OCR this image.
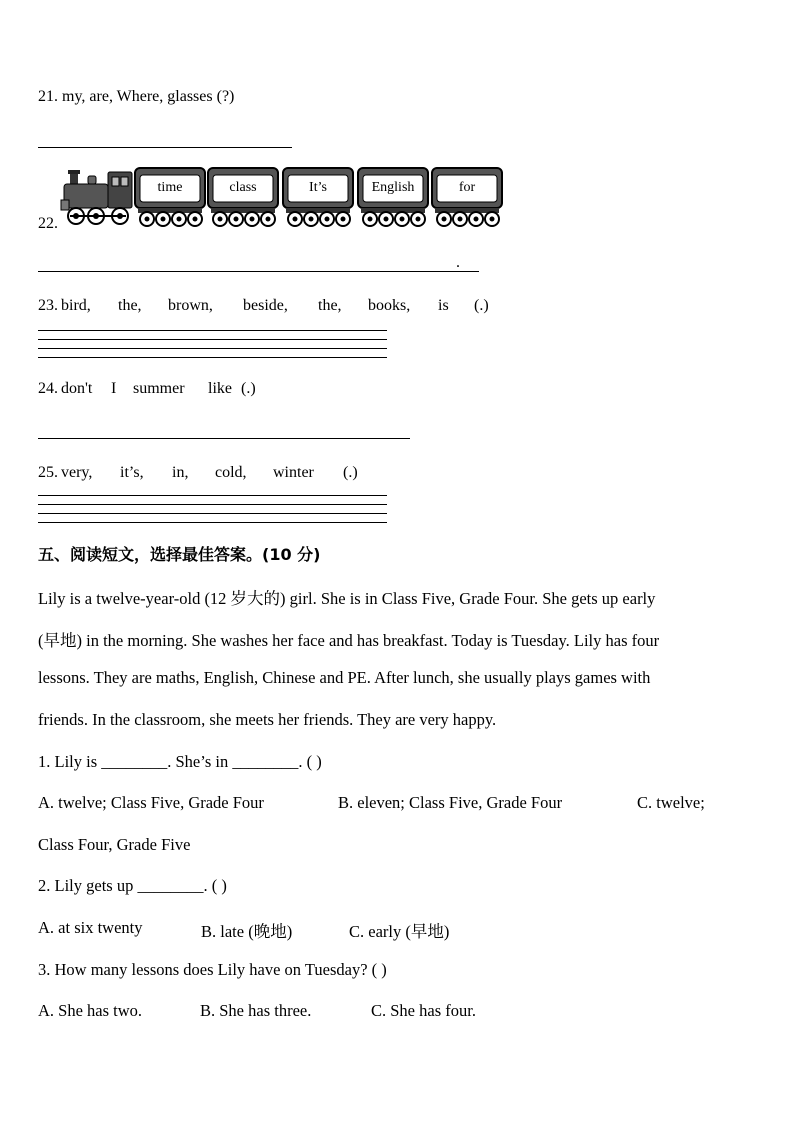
21. my, are, Where, glasses (?)
22.
time	class	It’s	English	for
.
23. bird, the, brown, beside, the, books, is (.)
24. don't I summer like (.)
25. very, it’s, in, cold, winter (.)
五、阅读短文，选择最佳答案。(10 分)
Lily is a twelve-year-old (12 岁大的) girl. She is in Class Five, Grade Four. She gets up early
(早地) in the morning. She washes her face and has breakfast. Today is Tuesday. Lily has four
lessons. They are maths, English, Chinese and PE. After lunch, she usually plays games with
friends. In the classroom, she meets her friends. They are very happy.
1. Lily is ________. She’s in ________. ( )
A. twelve; Class Five, Grade Four	B. eleven; Class Five, Grade Four	C. twelve;
Class Four, Grade Five
2. Lily gets up ________. ( )
A. at six twenty	B. late (晚地)	C. early (早地)
3. How many lessons does Lily have on Tuesday? ( )
A. She has two.	B. She has three.	C. She has four.
